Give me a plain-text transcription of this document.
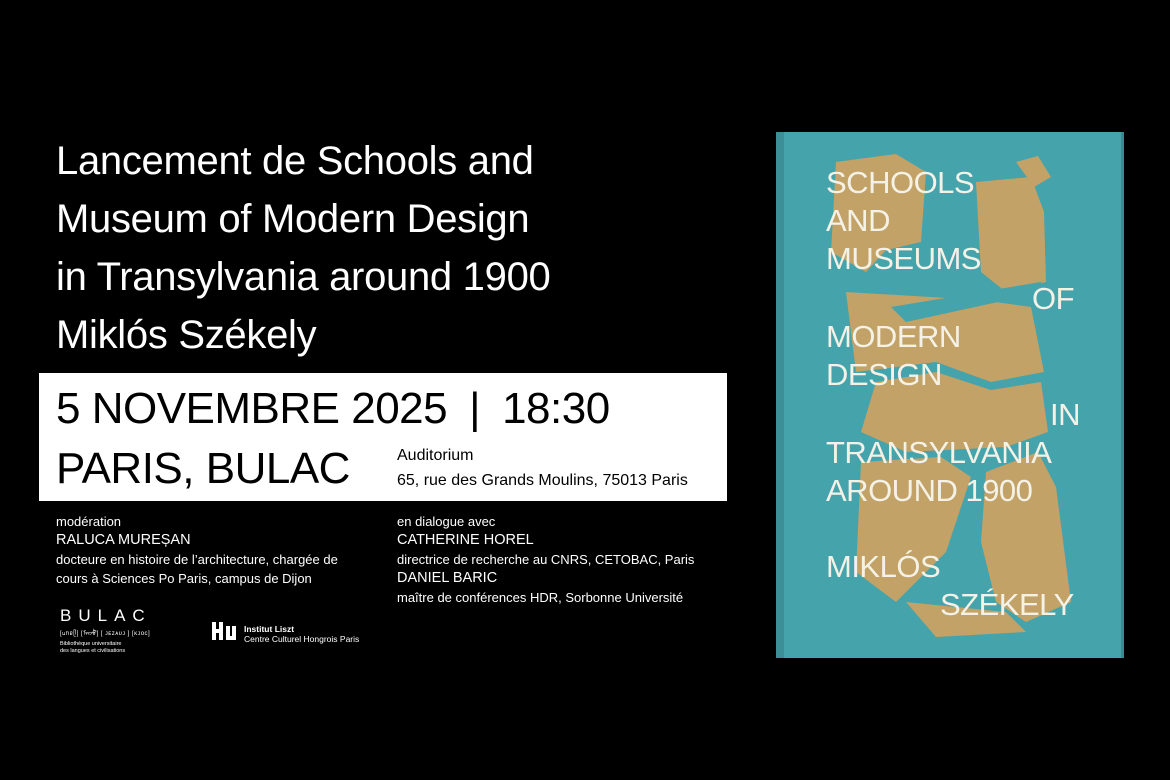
Lancement de Schools and
Museum of Modern Design
in Transylvania around 1900
Miklós Székely
5 NOVEMBRE 2025 | 18:30
PARIS, BULAC	Auditorium
65, rue des Grands Moulins, 75013 Paris
modération
RALUCA MUREȘAN
docteure en histoire de l’architecture, chargée de
cours à Sciences Po Paris, campus de Dijon
en dialogue avec
CATHERINE HOREL
directrice de recherche au CNRS, CETOBAC, Paris
DANIEL BARIC
maître de conférences HDR, Sorbonne Université
BULAC
[ᥙᥒᥱᥫ] [ᠮᠠᠨᠵᡠ] [ ᴊᴇᴢᴀᴜᴊ ] [ᴋᴊᴏᴄ]
Bibliothèque universitaire
des langues et civilisations
Institut Liszt
Centre Culturel Hongrois Paris
SCHOOLS
AND
MUSEUMS
OF
MODERN
DESIGN
IN
TRANSYLVANIA
AROUND 1900
MIKLÓS
SZÉKELY
